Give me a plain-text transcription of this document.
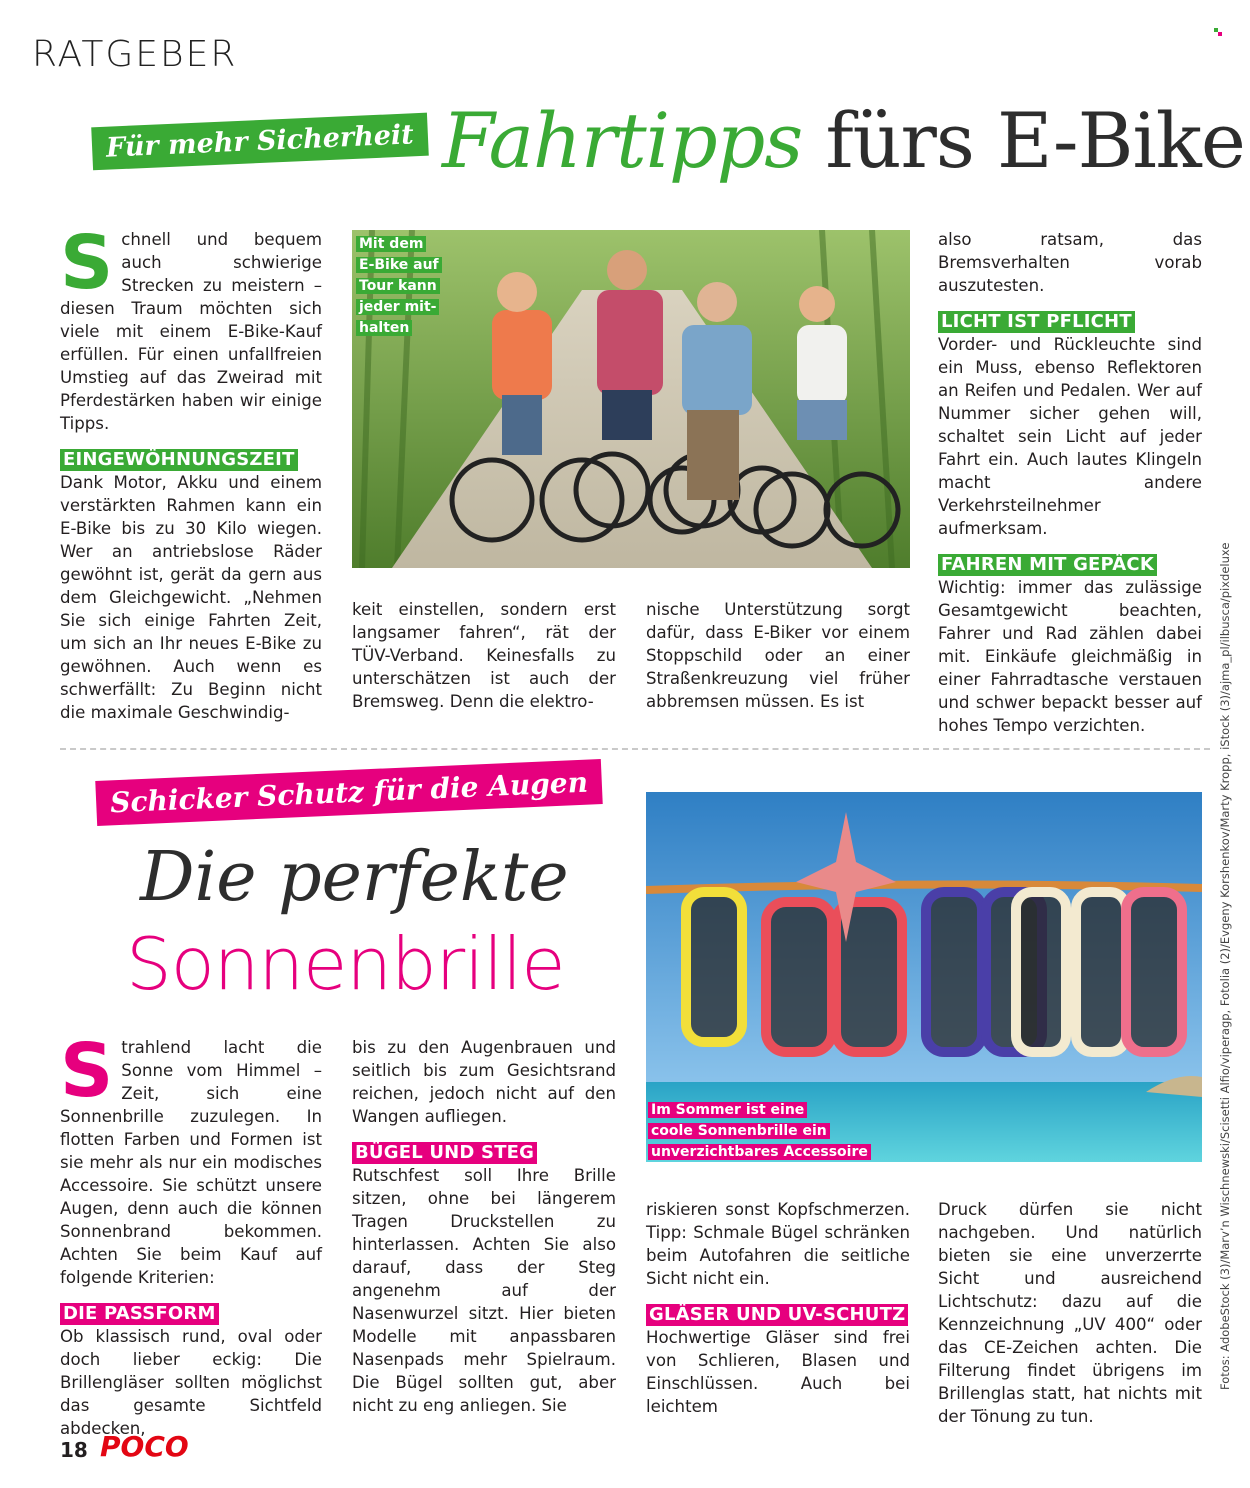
RATGEBER
Für mehr Sicherheit Fahrtipps fürs E-Bike

Schnell und bequem auch schwierige Strecken zu meistern – diesen Traum möchten sich viele mit einem E-Bike-Kauf erfüllen. Für einen unfallfreien Umstieg auf das Zweirad mit Pferdestärken haben wir einige Tipps.

EINGEWÖHNUNGSZEIT

Dank Motor, Akku und einem verstärkten Rahmen kann ein E-Bike bis zu 30 Kilo wiegen. Wer an antriebslose Räder gewöhnt ist, gerät da gern aus dem Gleichgewicht. „Nehmen Sie sich einige Fahrten Zeit, um sich an Ihr neues E-Bike zu gewöhnen. Auch wenn es schwerfällt: Zu Beginn nicht die maximale Geschwindig-

Mit dem
E-Bike auf
Tour kann
jeder mit-
halten

keit einstellen, sondern erst langsamer fahren“, rät der TÜV-Verband. Keinesfalls zu unterschätzen ist auch der Bremsweg. Denn die elektro-

nische Unterstützung sorgt dafür, dass E-Biker vor einem Stoppschild oder an einer Straßenkreuzung viel früher abbremsen müssen. Es ist

also ratsam, das Bremsverhalten vorab auszutesten.

LICHT IST PFLICHT

Vorder- und Rückleuchte sind ein Muss, ebenso Reflektoren an Reifen und Pedalen. Wer auf Nummer sicher gehen will, schaltet sein Licht auf jeder Fahrt ein. Auch lautes Klingeln macht andere Verkehrsteilnehmer aufmerksam.

FAHREN MIT GEPÄCK

Wichtig: immer das zulässige Gesamtgewicht beachten, Fahrer und Rad zählen dabei mit. Einkäufe gleichmäßig in einer Fahrradtasche verstauen und schwer bepackt besser auf hohes Tempo verzichten.

Schicker Schutz für die Augen
Die perfekte
Sonnenbrille
Im Sommer ist eine
coole Sonnenbrille ein
unverzichtbares Accessoire

Strahlend lacht die Sonne vom Himmel – Zeit, sich eine Sonnenbrille zuzulegen. In flotten Farben und Formen ist sie mehr als nur ein modisches Accessoire. Sie schützt unsere Augen, denn auch die können Sonnenbrand bekommen. Achten Sie beim Kauf auf folgende Kriterien:

DIE PASSFORM

Ob klassisch rund, oval oder doch lieber eckig: Die Brillengläser sollten möglichst das gesamte Sichtfeld abdecken,

bis zu den Augenbrauen und seitlich bis zum Gesichtsrand reichen, jedoch nicht auf den Wangen aufliegen.

BÜGEL UND STEG

Rutschfest soll Ihre Brille sitzen, ohne bei längerem Tragen Druckstellen zu hinterlassen. Achten Sie also darauf, dass der Steg angenehm auf der Nasenwurzel sitzt. Hier bieten Modelle mit anpassbaren Nasenpads mehr Spielraum. Die Bügel sollten gut, aber nicht zu eng anliegen. Sie

riskieren sonst Kopfschmerzen. Tipp: Schmale Bügel schränken beim Autofahren die seitliche Sicht nicht ein.

GLÄSER UND UV-SCHUTZ

Hochwertige Gläser sind frei von Schlieren, Blasen und Einschlüssen. Auch bei leichtem

Druck dürfen sie nicht nachgeben. Und natürlich bieten sie eine unverzerrte Sicht und ausreichend Lichtschutz: dazu auf die Kennzeichnung „UV 400“ oder das CE-Zeichen achten. Die Filterung findet übrigens im Brillenglas statt, hat nichts mit der Tönung zu tun.

Fotos: AdobeStock (3)/Marv’n Wischnewski/Scisetti Alfio/viperagp, Fotolia (2)/Evgeny Korshenkov/Marty Kropp, iStock (3)/ajma_pl/ilbusca/pixdeluxe
18 POCO
